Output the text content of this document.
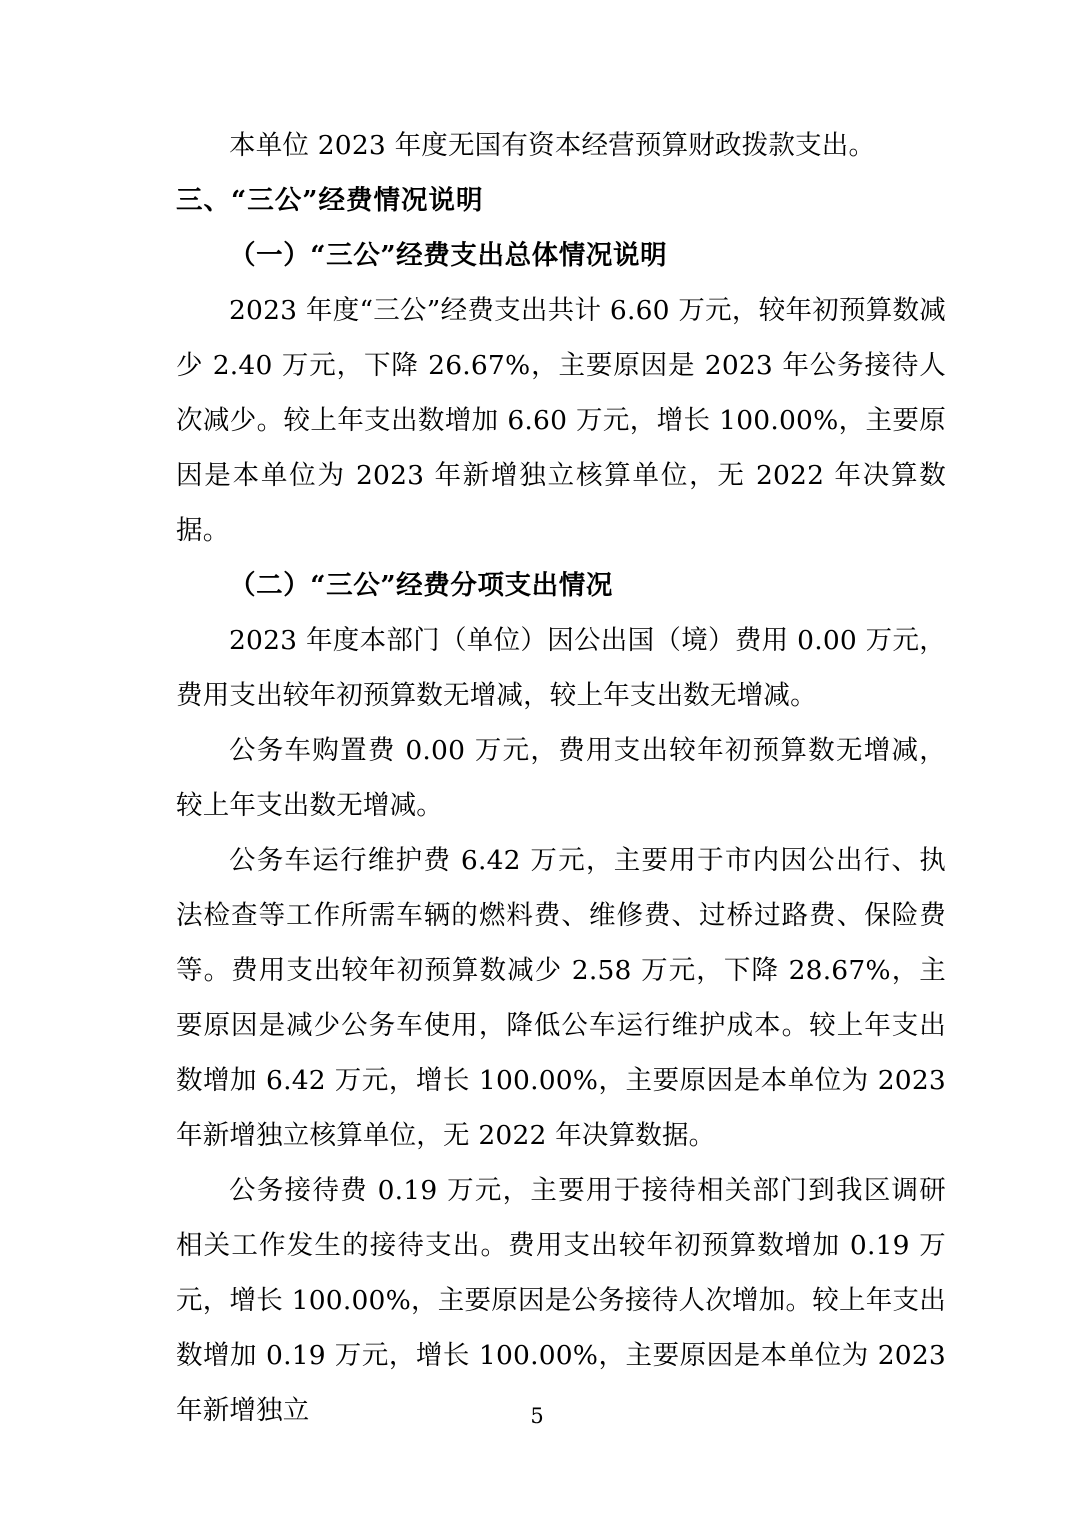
本单位 2023 年度无国有资本经营预算财政拨款支出。

三、“三公”经费情况说明

（一）“三公”经费支出总体情况说明

2023 年度“三公”经费支出共计 6.60 万元，较年初预算数减少 2.40 万元，下降 26.67%，主要原因是 2023 年公务接待人次减少。较上年支出数增加 6.60 万元，增长 100.00%，主要原因是本单位为 2023 年新增独立核算单位，无 2022 年决算数据。

（二）“三公”经费分项支出情况

2023 年度本部门（单位）因公出国（境）费用 0.00 万元，费用支出较年初预算数无增减，较上年支出数无增减。

公务车购置费 0.00 万元，费用支出较年初预算数无增减，较上年支出数无增减。

公务车运行维护费 6.42 万元，主要用于市内因公出行、执法检查等工作所需车辆的燃料费、维修费、过桥过路费、保险费等。费用支出较年初预算数减少 2.58 万元，下降 28.67%，主要原因是减少公务车使用，降低公车运行维护成本。较上年支出数增加 6.42 万元，增长 100.00%，主要原因是本单位为 2023 年新增独立核算单位，无 2022 年决算数据。

公务接待费 0.19 万元，主要用于接待相关部门到我区调研相关工作发生的接待支出。费用支出较年初预算数增加 0.19 万元，增长 100.00%，主要原因是公务接待人次增加。较上年支出数增加 0.19 万元，增长 100.00%，主要原因是本单位为 2023 年新增独立	5
